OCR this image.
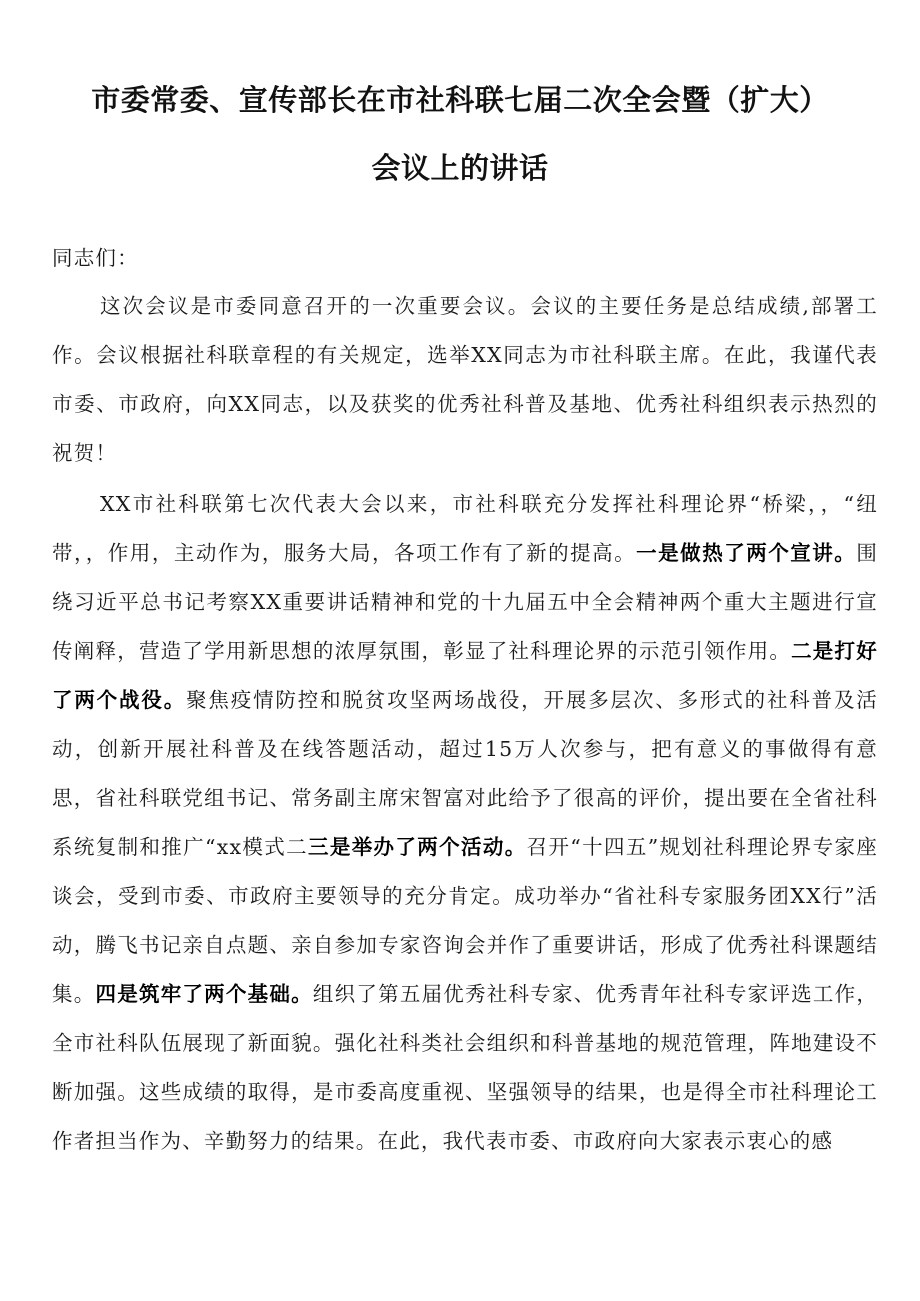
市委常委、宣传部长在市社科联七届二次全会暨（扩大）
会议上的讲话

同志们：

这次会议是市委同意召开的一次重要会议。会议的主要任务是总结成绩,部署工作。会议根据社科联章程的有关规定，选举XX同志为市社科联主席。在此，我谨代表市委、市政府，向XX同志，以及获奖的优秀社科普及基地、优秀社科组织表示热烈的祝贺！

XX市社科联第七次代表大会以来，市社科联充分发挥社科理论界“桥梁，，“纽带，，作用，主动作为，服务大局，各项工作有了新的提高。一是做热了两个宣讲。围绕习近平总书记考察XX重要讲话精神和党的十九届五中全会精神两个重大主题进行宣传阐释，营造了学用新思想的浓厚氛围，彰显了社科理论界的示范引领作用。二是打好了两个战役。聚焦疫情防控和脱贫攻坚两场战役，开展多层次、多形式的社科普及活动，创新开展社科普及在线答题活动，超过15万人次参与，把有意义的事做得有意思，省社科联党组书记、常务副主席宋智富对此给予了很高的评价，提出要在全省社科系统复制和推广“xx模式二三是举办了两个活动。召开“十四五”规划社科理论界专家座谈会，受到市委、市政府主要领导的充分肯定。成功举办“省社科专家服务团XX行”活动，腾飞书记亲自点题、亲自参加专家咨询会并作了重要讲话，形成了优秀社科课题结集。四是筑牢了两个基础。组织了第五届优秀社科专家、优秀青年社科专家评选工作，全市社科队伍展现了新面貌。强化社科类社会组织和科普基地的规范管理，阵地建设不断加强。这些成绩的取得，是市委高度重视、坚强领导的结果，也是得全市社科理论工作者担当作为、辛勤努力的结果。在此，我代表市委、市政府向大家表示衷心的感
